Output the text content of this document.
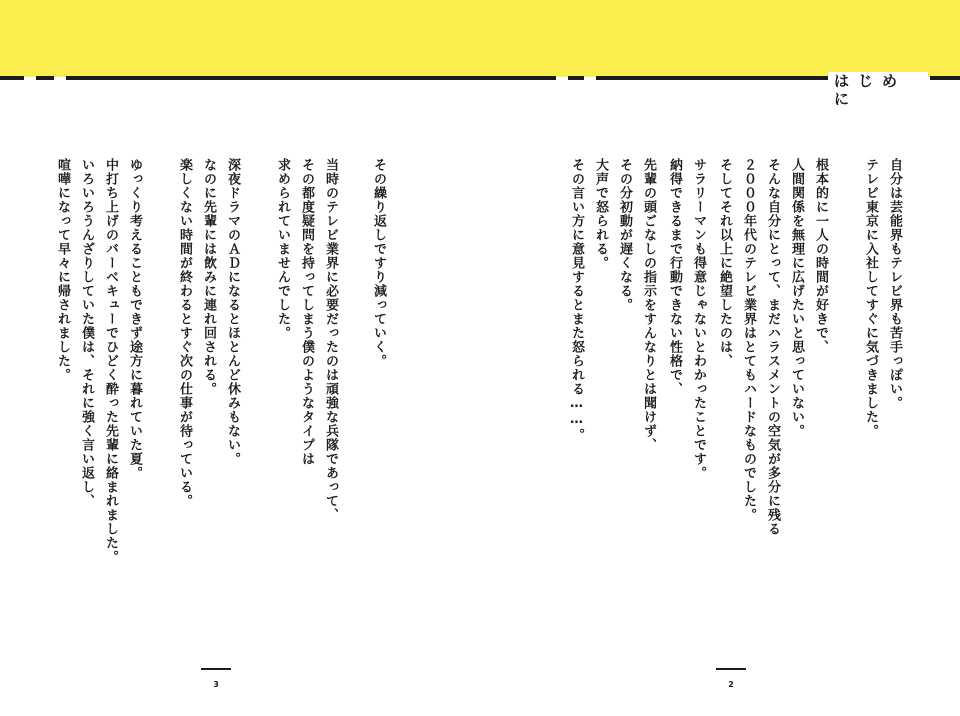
はじめに
自分は芸能界もテレビ界も苦手っぽい。
テレビ東京に入社してすぐに気づきました。
根本的に一人の時間が好きで、
人間関係を無理に広げたいと思っていない。
そんな自分にとって、まだハラスメントの空気が多分に残る
２０００年代のテレビ業界はとてもハードなものでした。
そしてそれ以上に絶望したのは、
サラリーマンも得意じゃないとわかったことです。
納得できるまで行動できない性格で、
先輩の頭ごなしの指示をすんなりとは聞けず、
その分初動が遅くなる。
大声で怒られる。
その言い方に意見するとまた怒られる……。
その繰り返しですり減っていく。
当時のテレビ業界に必要だったのは頑強な兵隊であって、
その都度疑問を持ってしまう僕のようなタイプは
求められていませんでした。
深夜ドラマのＡＤになるとほとんど休みもない。
なのに先輩には飲みに連れ回される。
楽しくない時間が終わるとすぐ次の仕事が待っている。
ゆっくり考えることもできず途方に暮れていた夏。
中打ち上げのバーベキューでひどく酔った先輩に絡まれました。
いろいろうんざりしていた僕は、それに強く言い返し、
喧嘩になって早々に帰されました。
3	2
